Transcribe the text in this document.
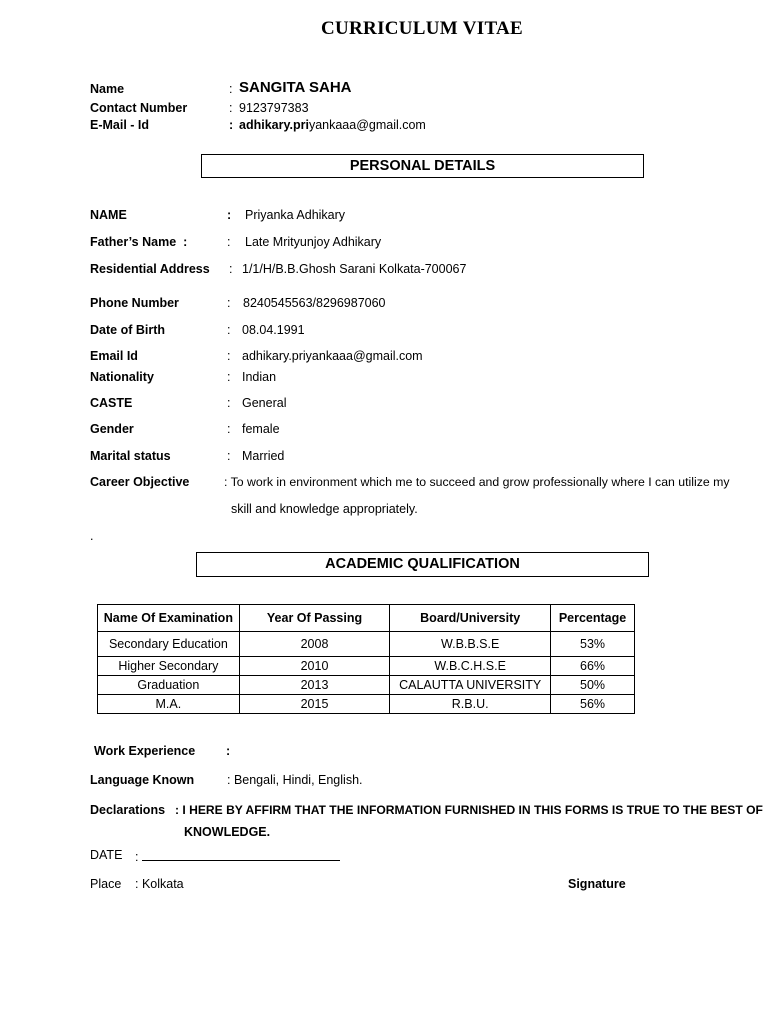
CURRICULUM VITAE
Name	: SANGITA SAHA
Contact Number	: 9123797383
E-Mail - Id	: adhikary.priyankaaa@gmail.com
PERSONAL DETAILS
NAME	: Priyanka Adhikary
Father’s Name  :	: Late Mrityunjoy Adhikary
Residential Address : 1/1/H/B.B.Ghosh Sarani Kolkata-700067
Phone Number	: 8240545563/8296987060
Date of Birth	: 08.04.1991
Email Id	: adhikary.priyankaaa@gmail.com
Nationality	: Indian
CASTE	: General
Gender	: female
Marital status	: Married
Career Objective	: To work in environment which me to succeed and grow professionally where I can utilize my
skill and knowledge appropriately.
.
ACADEMIC QUALIFICATION
Name Of Examination	Year Of Passing	Board/University	Percentage
Secondary Education	2008	W.B.B.S.E	53%
Higher Secondary	2010	W.B.C.H.S.E	66%
Graduation	2013	CALAUTTA UNIVERSITY	50%
M.A.	2015	R.B.U.	56%
Work Experience :
Language Known	: Bengali, Hindi, English.
Declarations : I HERE BY AFFIRM THAT THE INFORMATION FURNISHED IN THIS FORMS IS TRUE TO THE BEST OF
KNOWLEDGE.
DATE :
Place : Kolkata	Signature
